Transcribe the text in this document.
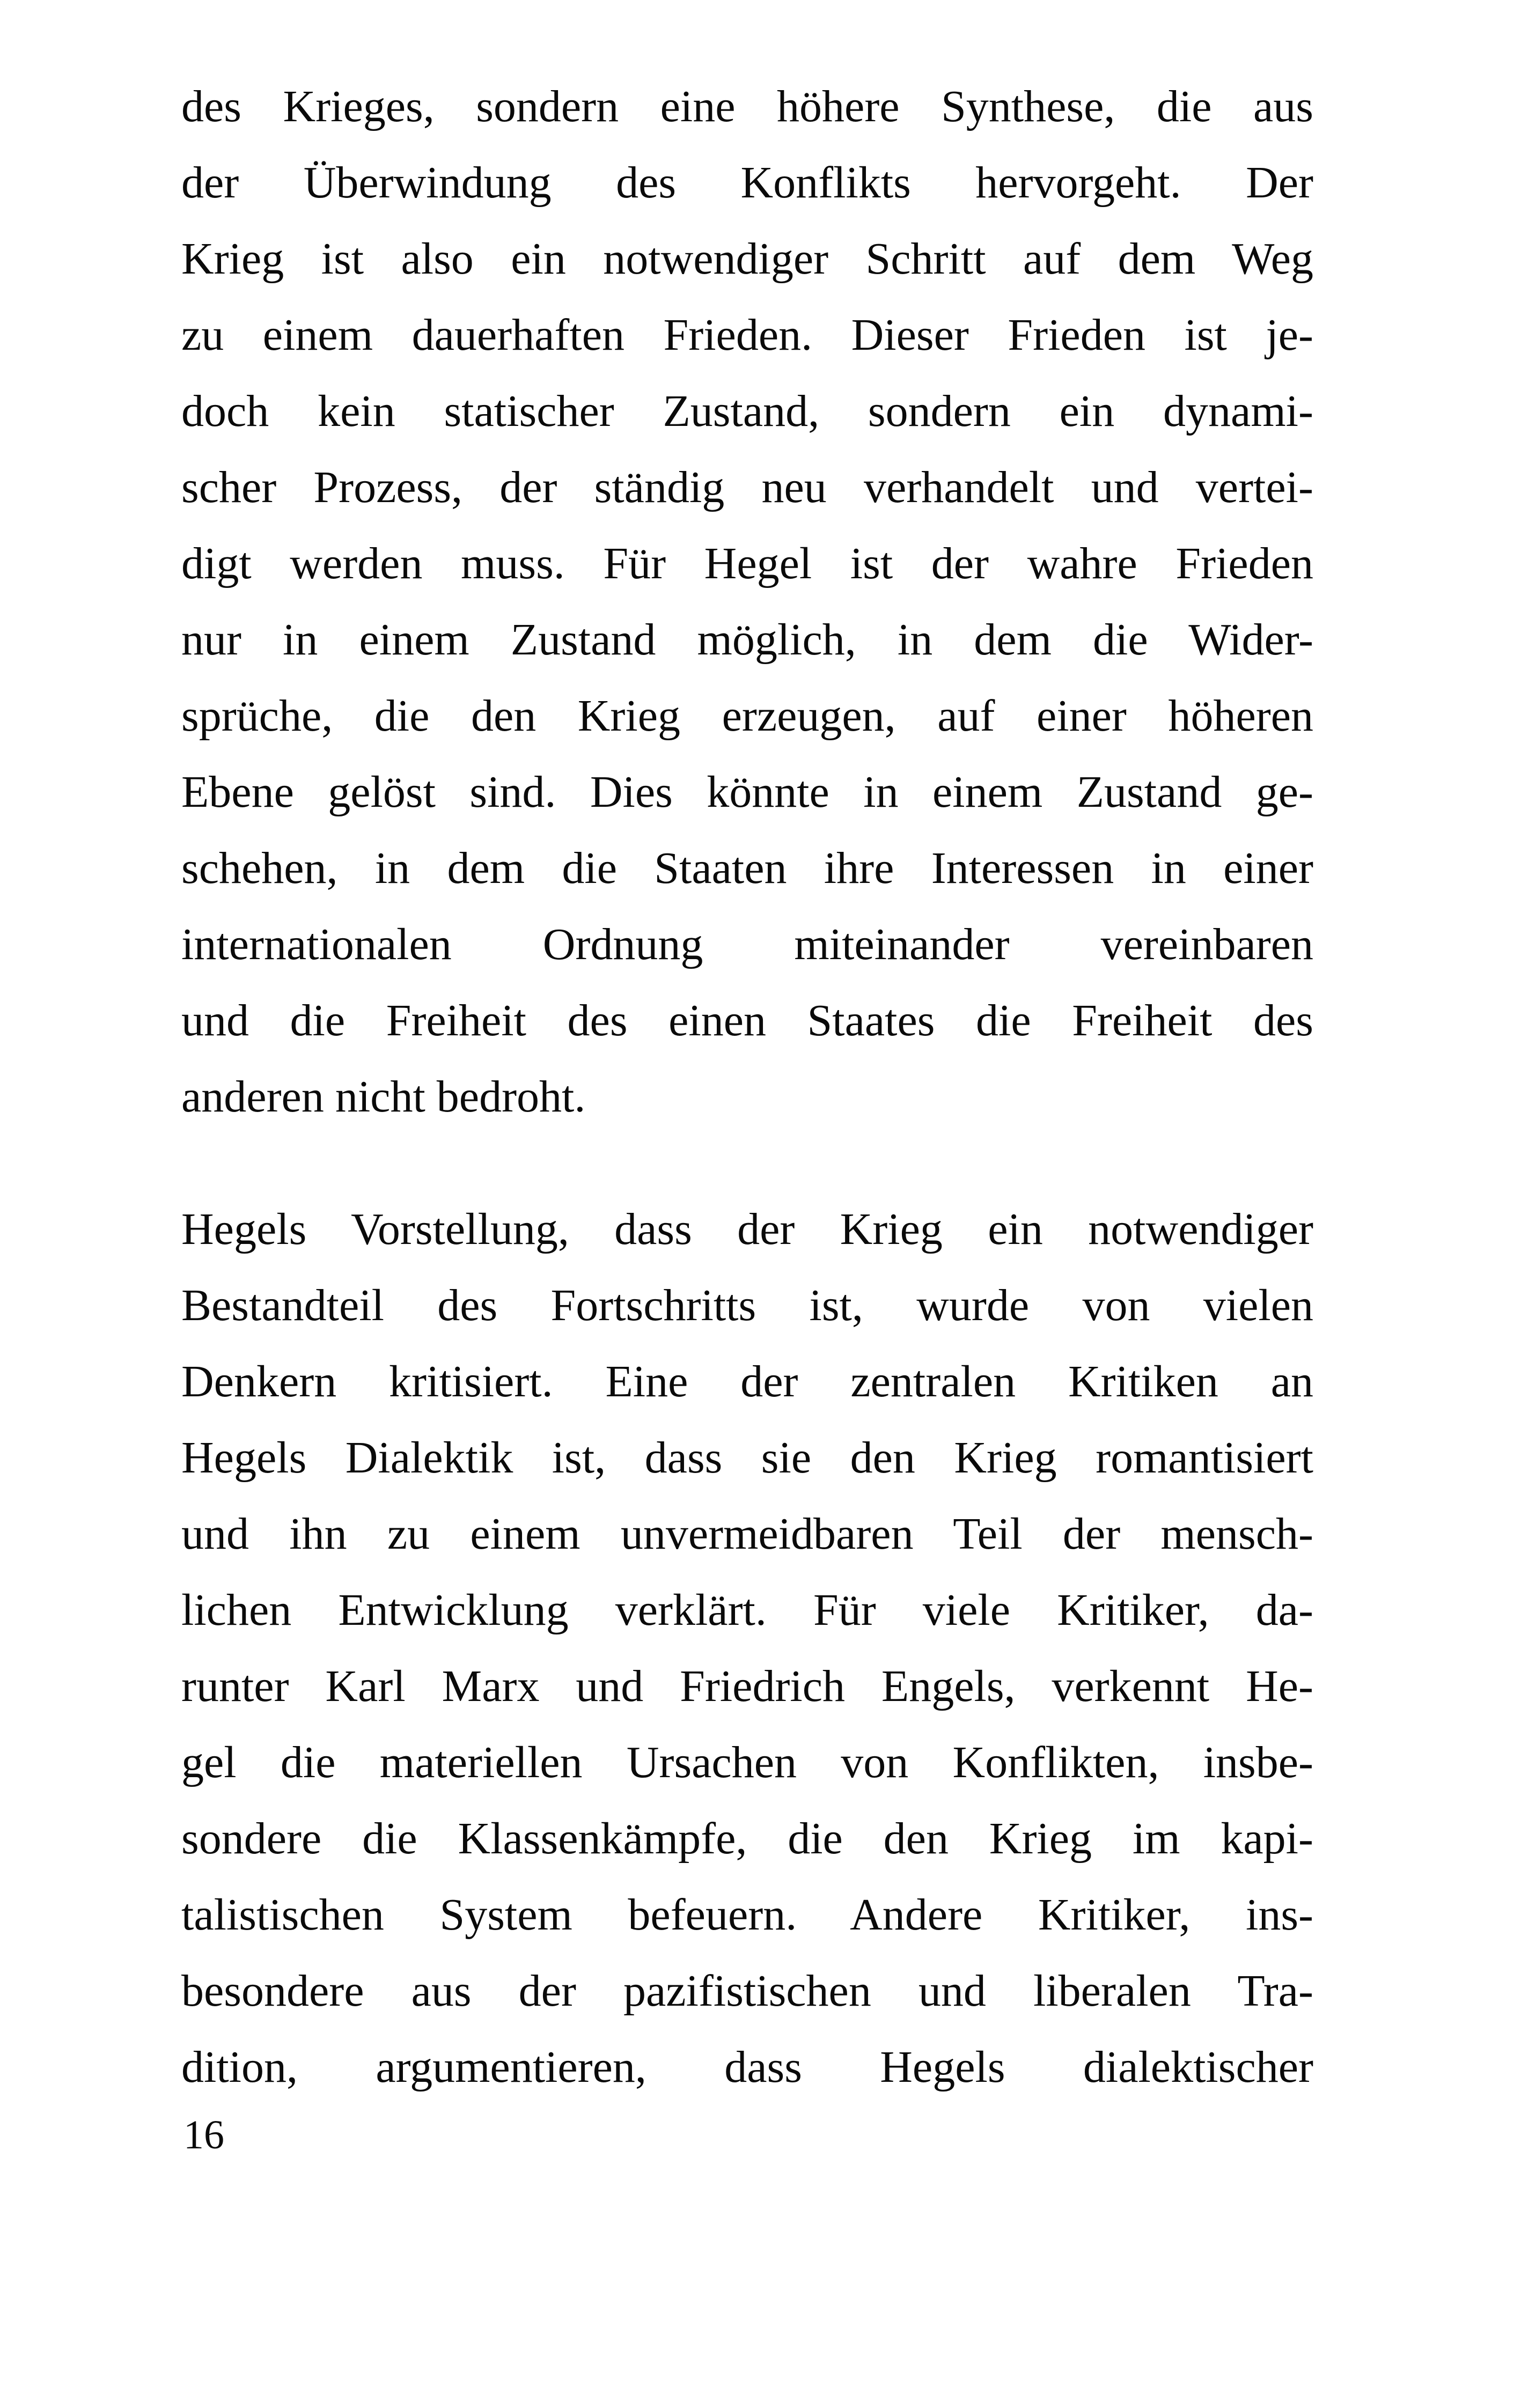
des Krieges, sondern eine höhere Synthese, die aus
der Überwindung des Konflikts hervorgeht. Der
Krieg ist also ein notwendiger Schritt auf dem Weg
zu einem dauerhaften Frieden. Dieser Frieden ist je-
doch kein statischer Zustand, sondern ein dynami-
scher Prozess, der ständig neu verhandelt und vertei-
digt werden muss. Für Hegel ist der wahre Frieden
nur in einem Zustand möglich, in dem die Wider-
sprüche, die den Krieg erzeugen, auf einer höheren
Ebene gelöst sind. Dies könnte in einem Zustand ge-
schehen, in dem die Staaten ihre Interessen in einer
internationalen Ordnung miteinander vereinbaren
und die Freiheit des einen Staates die Freiheit des
anderen nicht bedroht.
Hegels Vorstellung, dass der Krieg ein notwendiger
Bestandteil des Fortschritts ist, wurde von vielen
Denkern kritisiert. Eine der zentralen Kritiken an
Hegels Dialektik ist, dass sie den Krieg romantisiert
und ihn zu einem unvermeidbaren Teil der mensch-
lichen Entwicklung verklärt. Für viele Kritiker, da-
runter Karl Marx und Friedrich Engels, verkennt He-
gel die materiellen Ursachen von Konflikten, insbe-
sondere die Klassenkämpfe, die den Krieg im kapi-
talistischen System befeuern. Andere Kritiker, ins-
besondere aus der pazifistischen und liberalen Tra-
dition, argumentieren, dass Hegels dialektischer
16
